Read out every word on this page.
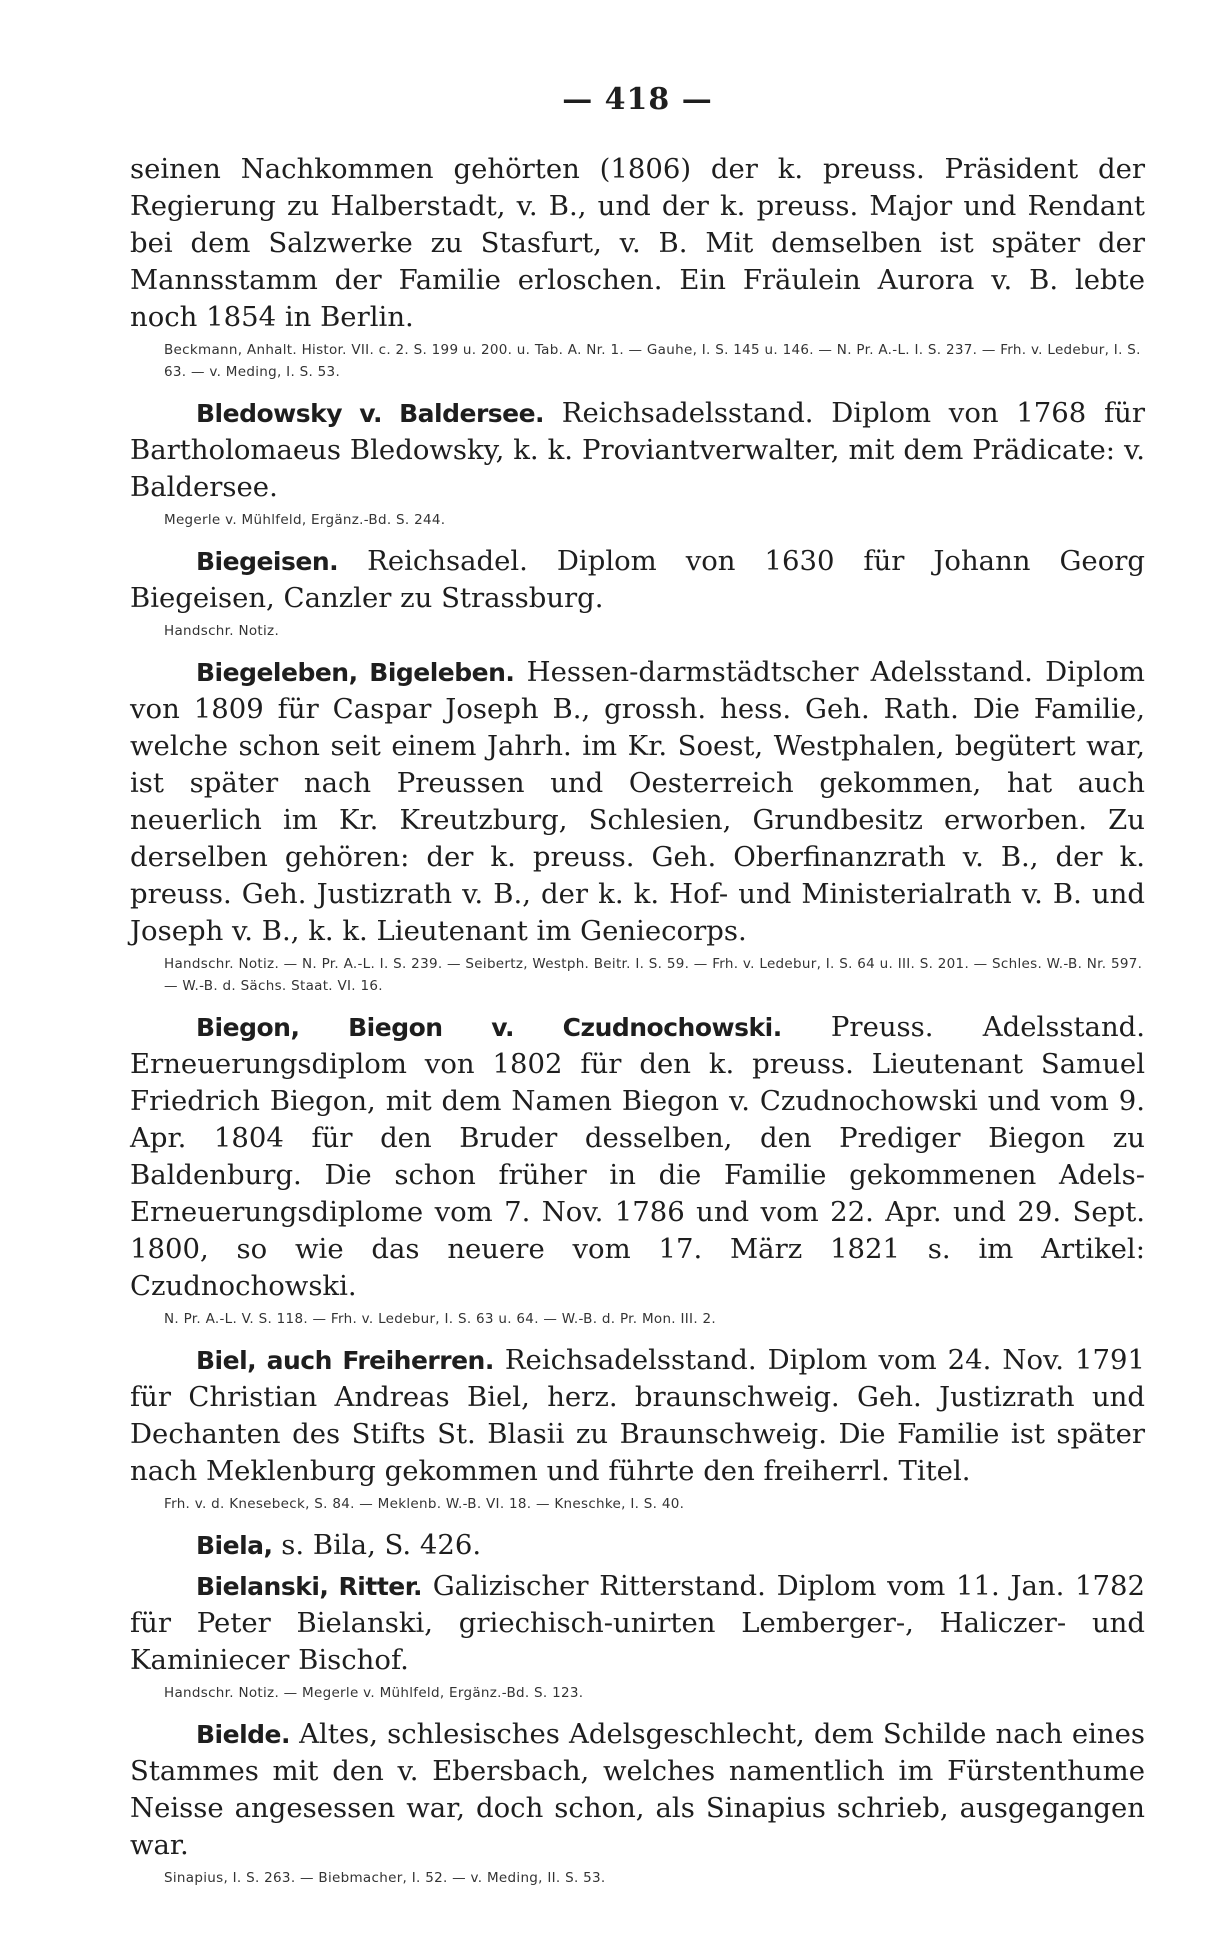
— 418 —

seinen Nachkommen gehörten (1806) der k. preuss. Präsident der Regierung zu Halberstadt, v. B., und der k. preuss. Major und Rendant bei dem Salzwerke zu Stasfurt, v. B. Mit demselben ist später der Mannsstamm der Familie erloschen. Ein Fräulein Aurora v. B. lebte noch 1854 in Berlin.

Beckmann, Anhalt. Histor. VII. c. 2. S. 199 u. 200. u. Tab. A. Nr. 1. — Gauhe, I. S. 145 u. 146. — N. Pr. A.-L. I. S. 237. — Frh. v. Ledebur, I. S. 63. — v. Meding, I. S. 53.

Bledowsky v. Baldersee. Reichsadelsstand. Diplom von 1768 für Bartholomaeus Bledowsky, k. k. Proviantverwalter, mit dem Prädicate: v. Baldersee.

Megerle v. Mühlfeld, Ergänz.-Bd. S. 244.

Biegeisen. Reichsadel. Diplom von 1630 für Johann Georg Biegeisen, Canzler zu Strassburg.

Handschr. Notiz.

Biegeleben, Bigeleben. Hessen-darmstädtscher Adelsstand. Diplom von 1809 für Caspar Joseph B., grossh. hess. Geh. Rath. Die Familie, welche schon seit einem Jahrh. im Kr. Soest, Westphalen, begütert war, ist später nach Preussen und Oesterreich gekommen, hat auch neuerlich im Kr. Kreutzburg, Schlesien, Grundbesitz erworben. Zu derselben gehören: der k. preuss. Geh. Oberfinanzrath v. B., der k. preuss. Geh. Justizrath v. B., der k. k. Hof- und Ministerialrath v. B. und Joseph v. B., k. k. Lieutenant im Geniecorps.

Handschr. Notiz. — N. Pr. A.-L. I. S. 239. — Seibertz, Westph. Beitr. I. S. 59. — Frh. v. Ledebur, I. S. 64 u. III. S. 201. — Schles. W.-B. Nr. 597. — W.-B. d. Sächs. Staat. VI. 16.

Biegon, Biegon v. Czudnochowski. Preuss. Adelsstand. Erneuerungsdiplom von 1802 für den k. preuss. Lieutenant Samuel Friedrich Biegon, mit dem Namen Biegon v. Czudnochowski und vom 9. Apr. 1804 für den Bruder desselben, den Prediger Biegon zu Baldenburg. Die schon früher in die Familie gekommenen Adels-Erneuerungsdiplome vom 7. Nov. 1786 und vom 22. Apr. und 29. Sept. 1800, so wie das neuere vom 17. März 1821 s. im Artikel: Czudnochowski.

N. Pr. A.-L. V. S. 118. — Frh. v. Ledebur, I. S. 63 u. 64. — W.-B. d. Pr. Mon. III. 2.

Biel, auch Freiherren. Reichsadelsstand. Diplom vom 24. Nov. 1791 für Christian Andreas Biel, herz. braunschweig. Geh. Justizrath und Dechanten des Stifts St. Blasii zu Braunschweig. Die Familie ist später nach Meklenburg gekommen und führte den freiherrl. Titel.

Frh. v. d. Knesebeck, S. 84. — Meklenb. W.-B. VI. 18. — Kneschke, I. S. 40.

Biela, s. Bila, S. 426.

Bielanski, Ritter. Galizischer Ritterstand. Diplom vom 11. Jan. 1782 für Peter Bielanski, griechisch-unirten Lemberger-, Haliczer- und Kaminiecer Bischof.

Handschr. Notiz. — Megerle v. Mühlfeld, Ergänz.-Bd. S. 123.

Bielde. Altes, schlesisches Adelsgeschlecht, dem Schilde nach eines Stammes mit den v. Ebersbach, welches namentlich im Fürstenthume Neisse angesessen war, doch schon, als Sinapius schrieb, ausgegangen war.

Sinapius, I. S. 263. — Biebmacher, I. 52. — v. Meding, II. S. 53.
